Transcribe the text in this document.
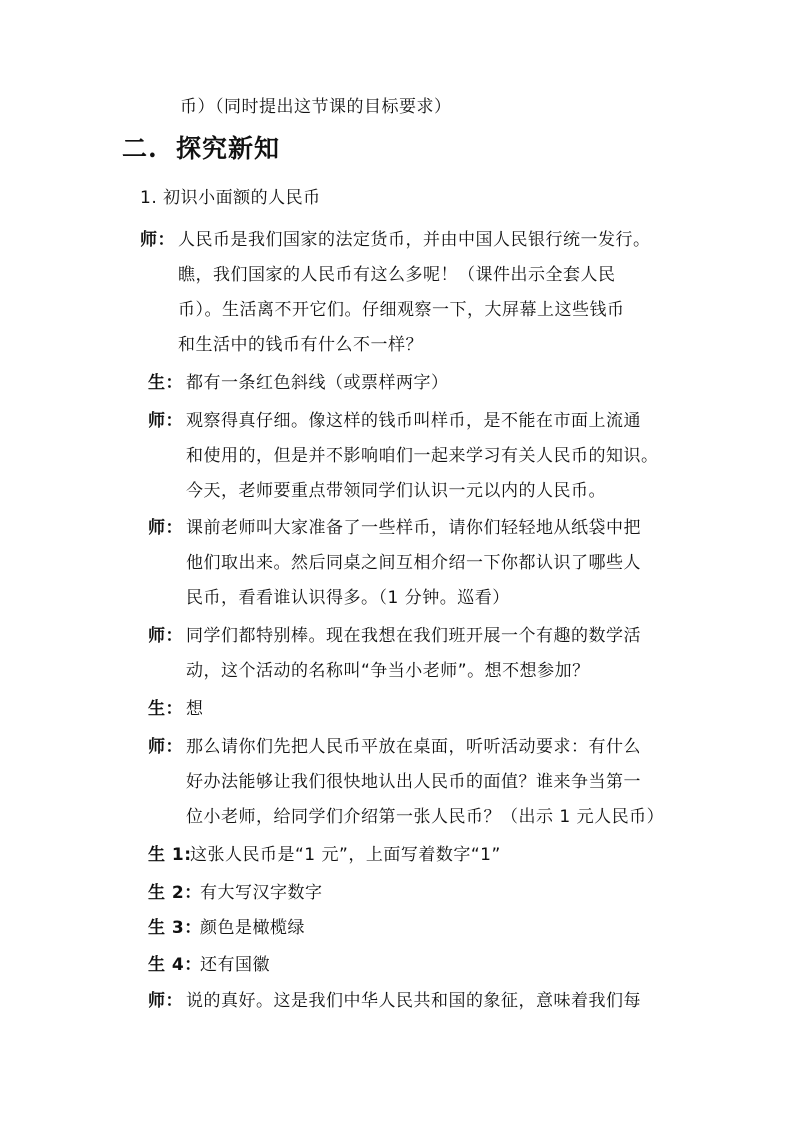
币）（同时提出这节课的目标要求）
二. 探究新知
1. 初识小面额的人民币
师： 人民币是我们国家的法定货币，并由中国人民银行统一发行。
瞧，我们国家的人民币有这么多呢！（课件出示全套人民
币）。生活离不开它们。仔细观察一下，大屏幕上这些钱币
和生活中的钱币有什么不一样？
生： 都有一条红色斜线（或票样两字）
师： 观察得真仔细。像这样的钱币叫样币，是不能在市面上流通
和使用的，但是并不影响咱们一起来学习有关人民币的知识。
今天，老师要重点带领同学们认识一元以内的人民币。
师： 课前老师叫大家准备了一些样币，请你们轻轻地从纸袋中把
他们取出来。然后同桌之间互相介绍一下你都认识了哪些人
民币，看看谁认识得多。（1 分钟。巡看）
师： 同学们都特别棒。现在我想在我们班开展一个有趣的数学活
动，这个活动的名称叫“争当小老师”。想不想参加？
生： 想
师： 那么请你们先把人民币平放在桌面，听听活动要求：有什么
好办法能够让我们很快地认出人民币的面值？谁来争当第一
位小老师，给同学们介绍第一张人民币？（出示 1 元人民币）
生 1:
这张人民币是“1 元”，上面写着数字“1”
生 2：
有大写汉字数字
生 3：
颜色是橄榄绿
生 4：
还有国徽
师： 说的真好。这是我们中华人民共和国的象征，意味着我们每
